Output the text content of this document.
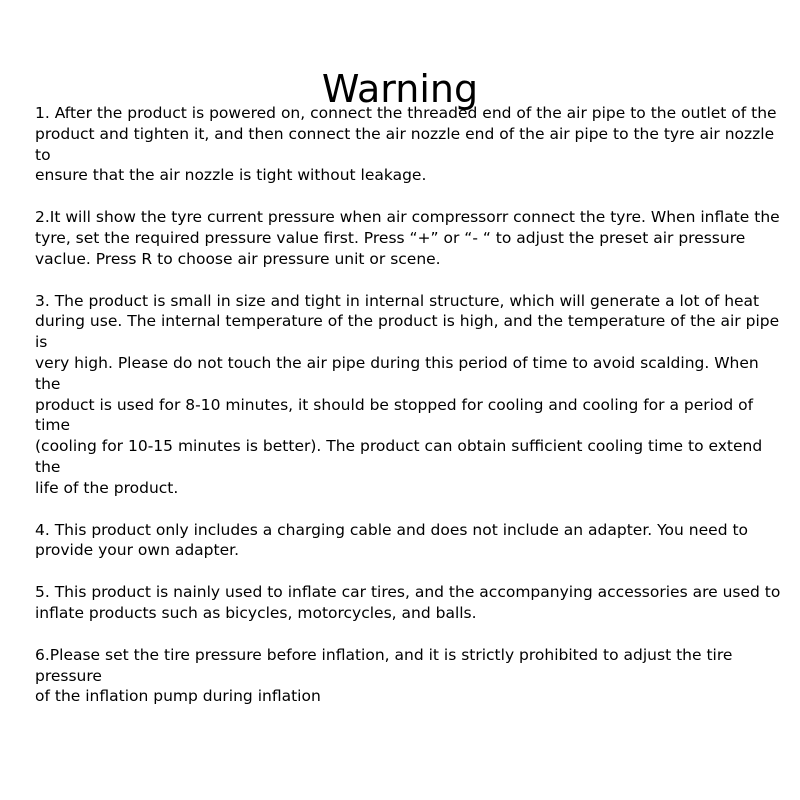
Warning

1. After the product is powered on, connect the threaded end of the air pipe to the outlet of the
product and tighten it, and then connect the air nozzle end of the air pipe to the tyre air nozzle to
ensure that the air nozzle is tight without leakage.

2.It will show the tyre current pressure when air compressorr connect the tyre. When inflate the
tyre, set the required pressure value first. Press “+” or “- “ to adjust the preset air pressure
vaclue. Press R to choose air pressure unit or scene.

3. The product is small in size and tight in internal structure, which will generate a lot of heat
during use. The internal temperature of the product is high, and the temperature of the air pipe is
very high. Please do not touch the air pipe during this period of time to avoid scalding. When the
product is used for 8-10 minutes, it should be stopped for cooling and cooling for a period of time
(cooling for 10-15 minutes is better). The product can obtain sufficient cooling time to extend the
life of the product.

4. This product only includes a charging cable and does not include an adapter. You need to
provide your own adapter.

5. This product is nainly used to inflate car tires, and the accompanying accessories are used to
inflate products such as bicycles, motorcycles, and balls.

6.Please set the tire pressure before inflation, and it is strictly prohibited to adjust the tire pressure
of the inflation pump during inflation
